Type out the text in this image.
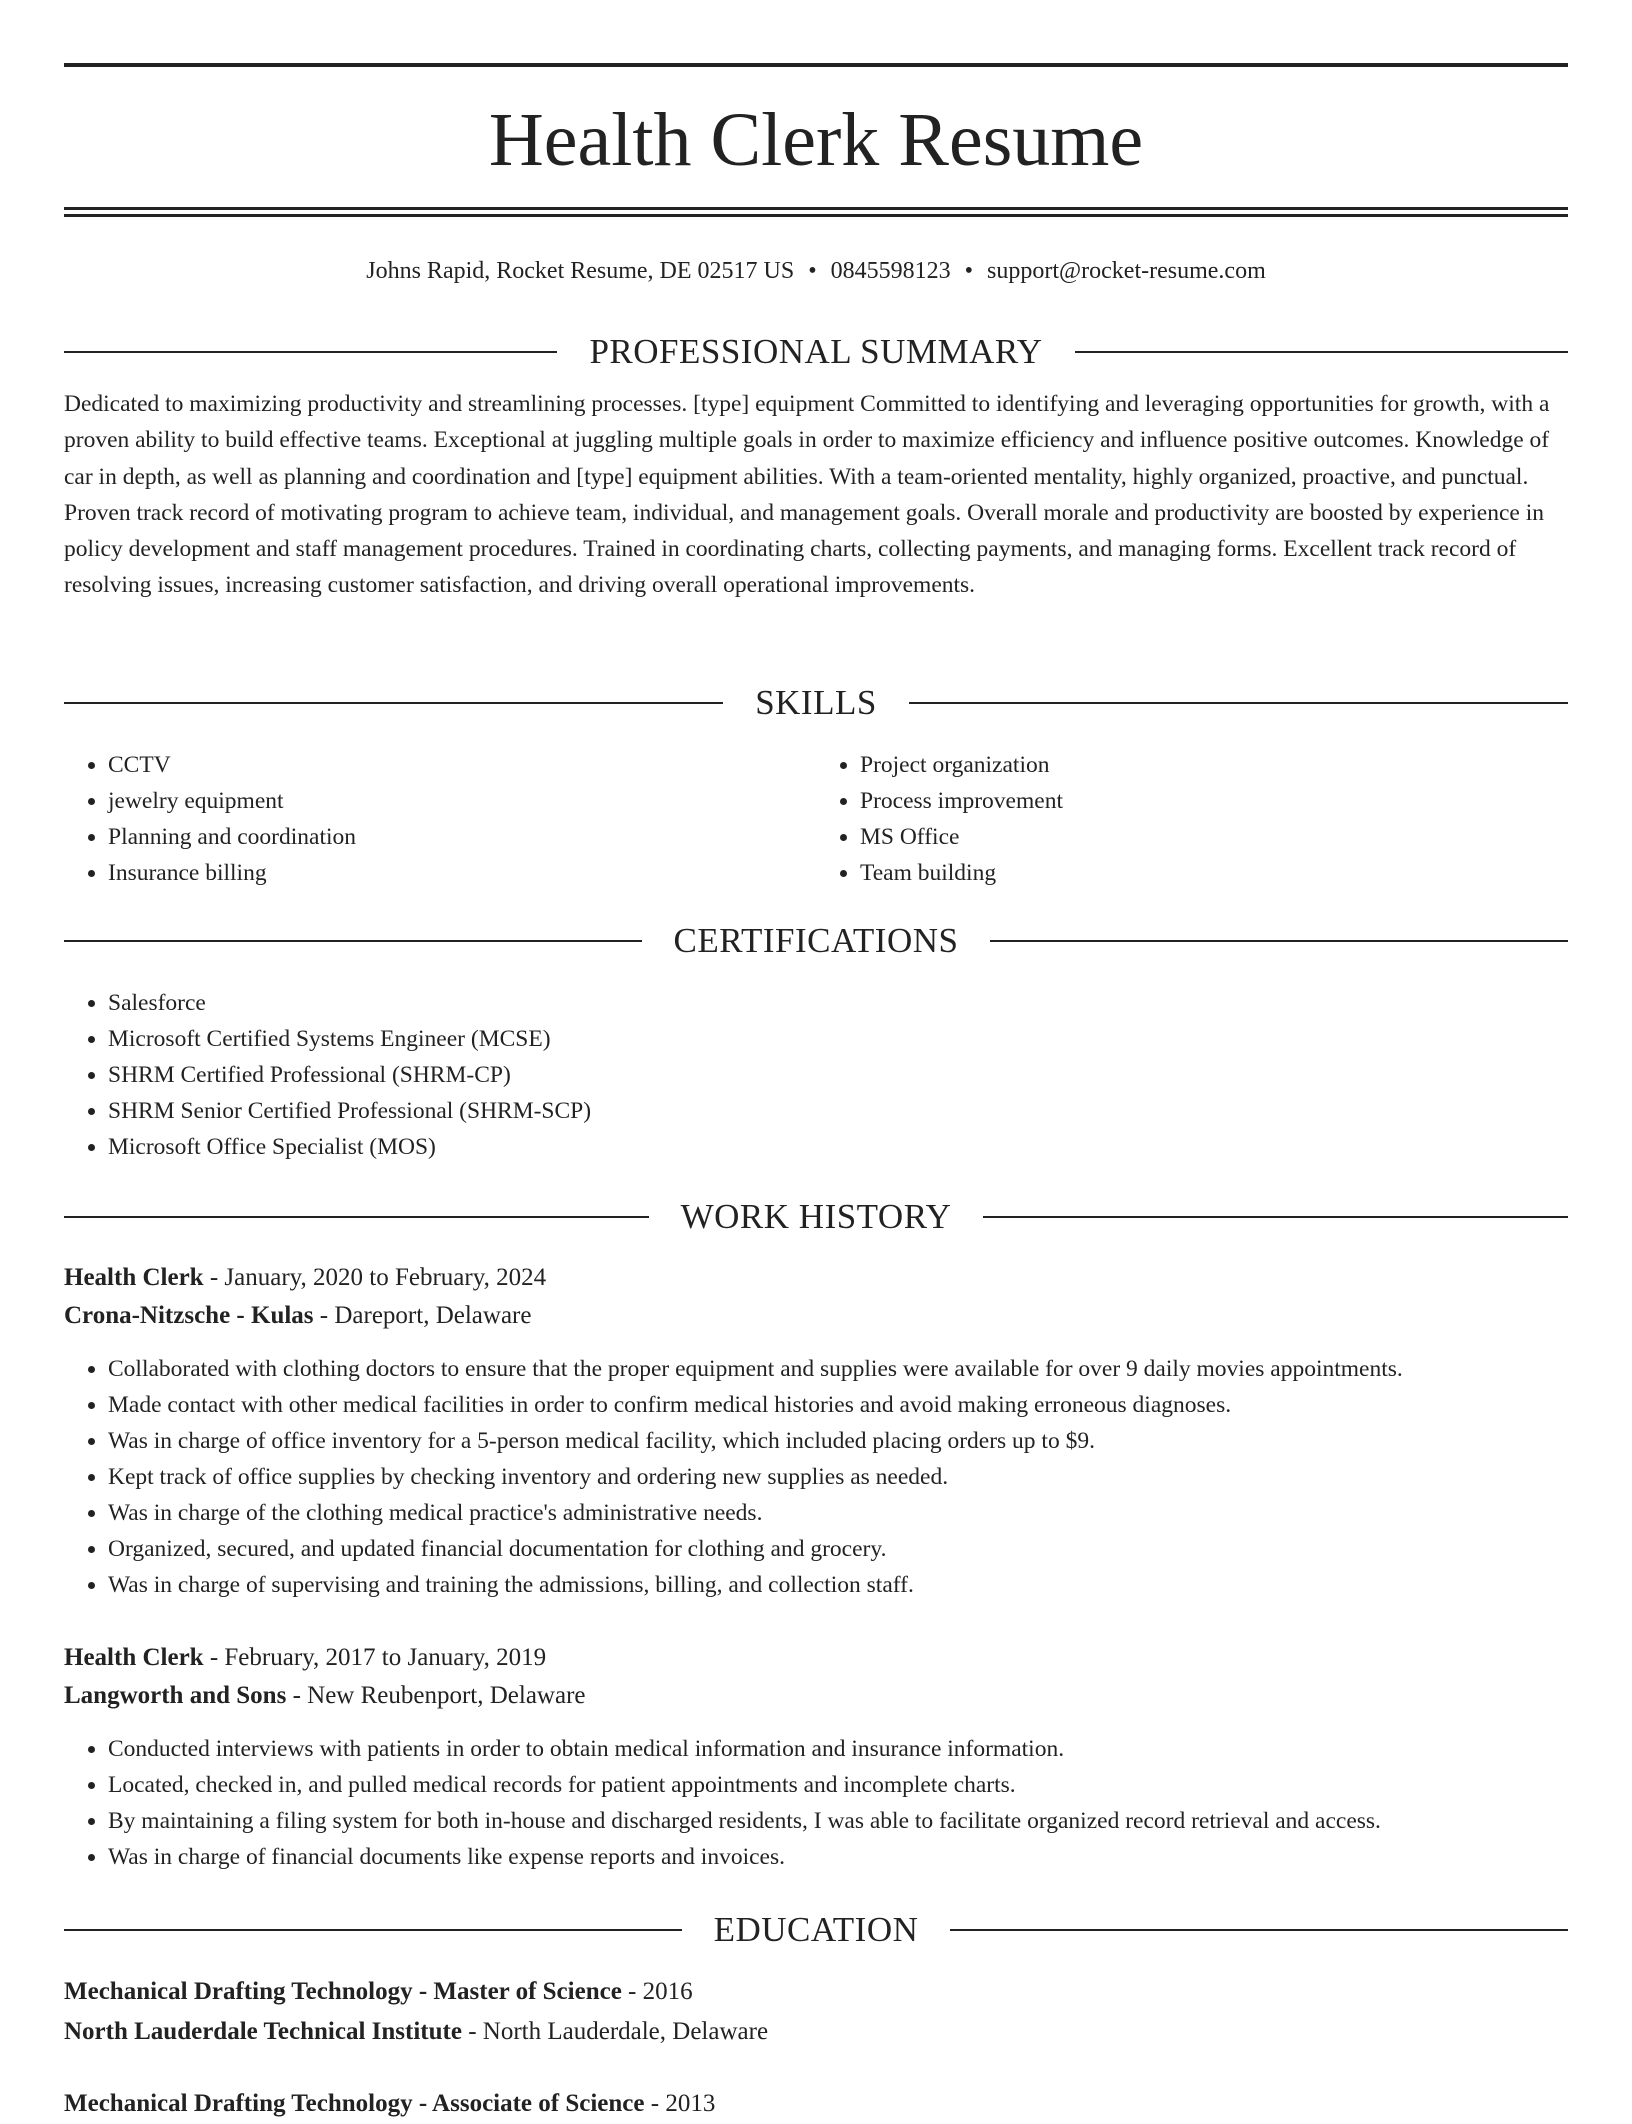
Health Clerk Resume
Johns Rapid, Rocket Resume, DE 02517 US • 0845598123 • support@rocket-resume.com
PROFESSIONAL SUMMARY

Dedicated to maximizing productivity and streamlining processes. [type] equipment Committed to identifying and leveraging opportunities for growth, with a proven ability to build effective teams. Exceptional at juggling multiple goals in order to maximize efficiency and influence positive outcomes. Knowledge of car in depth, as well as planning and coordination and [type] equipment abilities. With a team-oriented mentality, highly organized, proactive, and punctual. Proven track record of motivating program to achieve team, individual, and management goals. Overall morale and productivity are boosted by experience in policy development and staff management procedures. Trained in coordinating charts, collecting payments, and managing forms. Excellent track record of resolving issues, increasing customer satisfaction, and driving overall operational improvements.

SKILLS
• CCTV
• jewelry equipment
• Planning and coordination
• Insurance billing
• Project organization
• Process improvement
• MS Office
• Team building
CERTIFICATIONS
• Salesforce
• Microsoft Certified Systems Engineer (MCSE)
• SHRM Certified Professional (SHRM-CP)
• SHRM Senior Certified Professional (SHRM-SCP)
• Microsoft Office Specialist (MOS)
WORK HISTORY
Health Clerk - January, 2020 to February, 2024
Crona-Nitzsche - Kulas - Dareport, Delaware
• Collaborated with clothing doctors to ensure that the proper equipment and supplies were available for over 9 daily movies appointments.
• Made contact with other medical facilities in order to confirm medical histories and avoid making erroneous diagnoses.
• Was in charge of office inventory for a 5-person medical facility, which included placing orders up to $9.
• Kept track of office supplies by checking inventory and ordering new supplies as needed.
• Was in charge of the clothing medical practice's administrative needs.
• Organized, secured, and updated financial documentation for clothing and grocery.
• Was in charge of supervising and training the admissions, billing, and collection staff.
Health Clerk - February, 2017 to January, 2019
Langworth and Sons - New Reubenport, Delaware
• Conducted interviews with patients in order to obtain medical information and insurance information.
• Located, checked in, and pulled medical records for patient appointments and incomplete charts.
• By maintaining a filing system for both in-house and discharged residents, I was able to facilitate organized record retrieval and access.
• Was in charge of financial documents like expense reports and invoices.
EDUCATION
Mechanical Drafting Technology - Master of Science - 2016
North Lauderdale Technical Institute - North Lauderdale, Delaware
Mechanical Drafting Technology - Associate of Science - 2013
